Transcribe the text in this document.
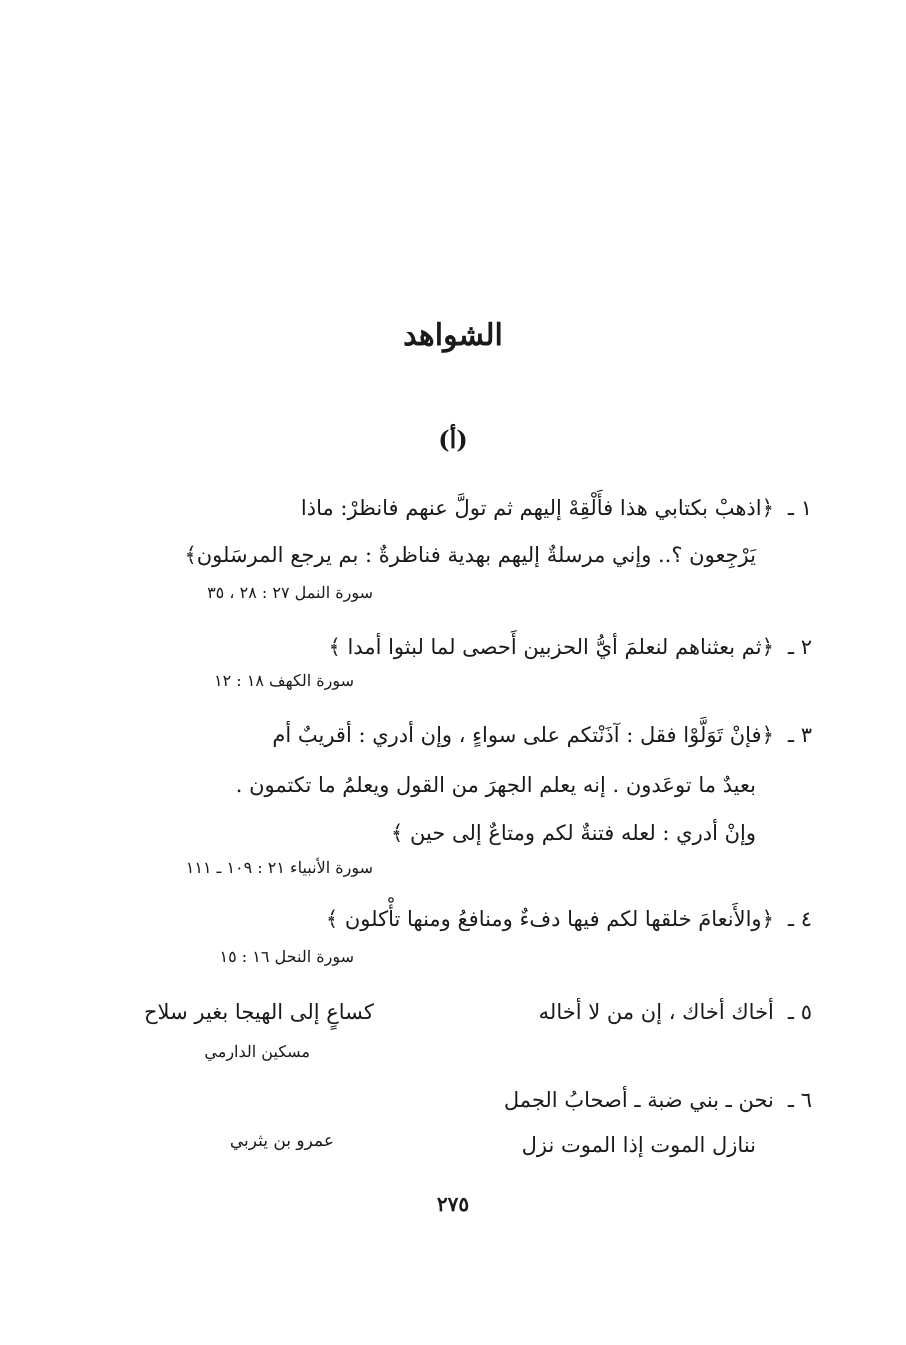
الشواهد
(أ)
١ ـ﴿اذهبْ بكتابي هذا فأَلْقِهْ إليهم ثم تولَّ عنهم فانظرْ: ماذا
يَرْجِعون ؟.. وإني مرسلةٌ إليهم بهدية فناظرةٌ : بم يرجع المرسَلون﴾
سورة النمل ٢٧ : ٢٨ ، ٣٥
٢ ـ﴿ثم بعثناهم لنعلمَ أيُّ الحزبين أَحصى لما لبثوا أمدا ﴾
سورة الكهف ١٨ : ١٢
٣ ـ﴿فإنْ تَوَلَّوْا فقل : آذَنْتكم على سواءٍ ، وإن أدري : أقريبٌ أم
بعيدٌ ما توعَدون . إنه يعلم الجهرَ من القول ويعلمُ ما تكتمون .
وإنْ أدري : لعله فتنةٌ لكم ومتاعٌ إلى حين ﴾
سورة الأنبياء ٢١ : ١٠٩ ـ ١١١
٤ ـ﴿والأَنعامَ خلقها لكم فيها دفءٌ ومنافعُ ومنها تأْكلون ﴾
سورة النحل ١٦ : ١٥
٥ ـأخاك أخاك ، إن من لا أخاله
كساعٍ إلى الهيجا بغير سلاح
مسكين الدارمي
٦ ـنحن ـ بني ضبة ـ أصحابُ الجمل
ننازل الموت إذا الموت نزل
عمرو بن يثربي
٢٧٥
